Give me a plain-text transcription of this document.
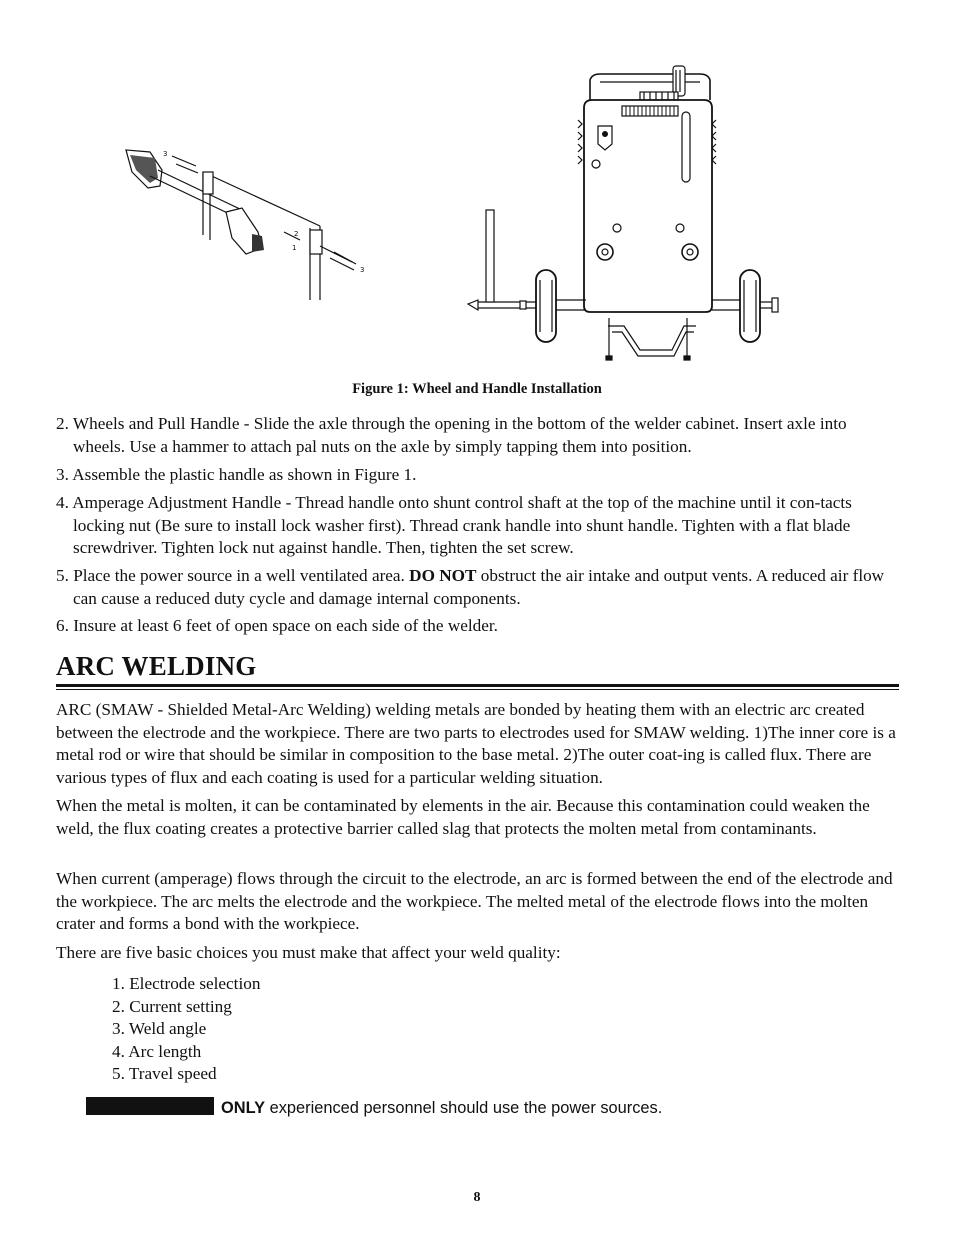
3
2
1
3
Figure 1: Wheel and Handle Installation
2. Wheels and Pull Handle - Slide the axle through the opening in the bottom of the welder cabinet. Insert axle into wheels. Use a hammer to attach pal nuts on the axle by simply tapping them into position.
3. Assemble the plastic handle as shown in Figure 1.
4. Amperage Adjustment Handle - Thread handle onto shunt control shaft at the top of the machine until it con-tacts locking nut (Be sure to install lock washer first). Thread crank handle into shunt handle. Tighten with a flat blade screwdriver. Tighten lock nut against handle. Then, tighten the set screw.
5. Place the power source in a well ventilated area. DO NOT obstruct the air intake and output vents. A reduced air flow can cause a reduced duty cycle and damage internal components.
6. Insure at least 6 feet of open space on each side of the welder.
ARC WELDING
ARC (SMAW - Shielded Metal-Arc Welding) welding metals are bonded by heating them with an electric arc created between the electrode and the workpiece. There are two parts to electrodes used for SMAW welding. 1)The inner core is a metal rod or wire that should be similar in composition to the base metal. 2)The outer coat-ing is called flux. There are various types of flux and each coating is used for a particular welding situation.
When the metal is molten, it can be contaminated by elements in the air. Because this contamination could weaken the weld, the flux coating creates a protective barrier called slag that protects the molten metal from contaminants.
When current (amperage) flows through the circuit to the electrode, an arc is formed between the end of the electrode and the workpiece. The arc melts the electrode and the workpiece. The melted metal of the electrode flows into the molten crater and forms a bond with the workpiece.
There are five basic choices you must make that affect your weld quality:
1. Electrode selection
2. Current setting
3. Weld angle
4. Arc length
5. Travel speed
ONLY experienced personnel should use the power sources.
8
